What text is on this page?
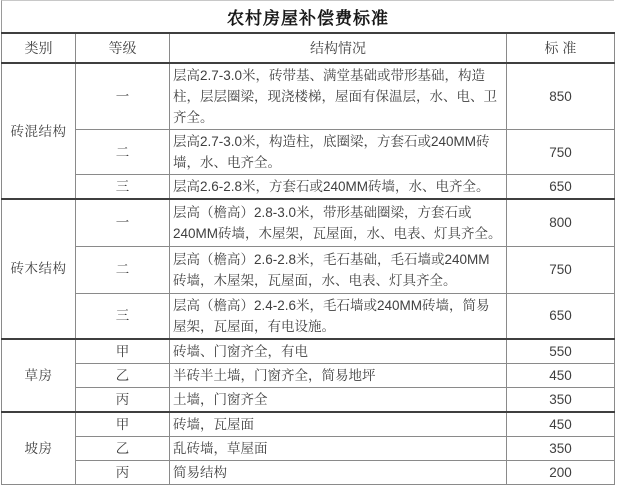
农村房屋补偿费标准
类别	等级	结构情况	标 准
砖混结构	一	层高2.7-3.0米，砖带基、满堂基础或带形基础，构造柱，层层圈梁，现浇楼梯，屋面有保温层，水、电、卫齐全。	850
	二	层高2.7-3.0米，构造柱，底圈梁，方套石或240MM砖墙，水、电齐全。	750
	三	层高2.6-2.8米，方套石或240MM砖墙，水、电齐全。	650
砖木结构	一	层高（檐高）2.8-3.0米，带形基础圈梁，方套石或240MM砖墙，木屋架，瓦屋面，水、电表、灯具齐全。	800
	二	层高（檐高）2.6-2.8米，毛石基础，毛石墙或240MM砖墙，木屋架，瓦屋面，水、电表、灯具齐全。	750
	三	层高（檐高）2.4-2.6米，毛石墙或240MM砖墙，简易屋架，瓦屋面，有电设施。	650
草房	甲	砖墙、门窗齐全，有电	550
	乙	半砖半土墙，门窗齐全，简易地坪	450
	丙	土墙，门窗齐全	350
坡房	甲	砖墙，瓦屋面	450
	乙	乱砖墙，草屋面	350
	丙	简易结构	200
